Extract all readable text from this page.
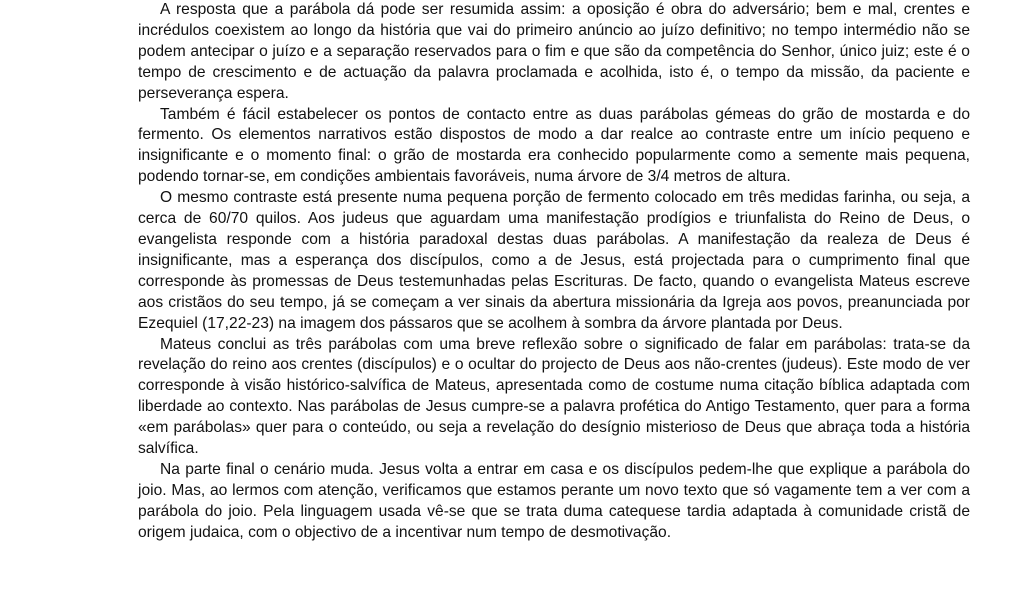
A resposta que a parábola dá pode ser resumida assim: a oposição é obra do adversário; bem e mal, crentes e incrédulos coexistem ao longo da história que vai do primeiro anúncio ao juízo definitivo; no tempo intermédio não se podem antecipar o juízo e a separação reservados para o fim e que são da competência do Senhor, único juiz; este é o tempo de crescimento e de actuação da palavra proclamada e acolhida, isto é, o tempo da missão, da paciente e perseverança espera.

Também é fácil estabelecer os pontos de contacto entre as duas parábolas gémeas do grão de mostarda e do fermento. Os elementos narrativos estão dispostos de modo a dar realce ao contraste entre um início pequeno e insignificante e o momento final: o grão de mostarda era conhecido popularmente como a semente mais pequena, podendo tornar-se, em condições ambientais favoráveis, numa árvore de 3/4 metros de altura.

O mesmo contraste está presente numa pequena porção de fermento colocado em três medidas farinha, ou seja, a cerca de 60/70 quilos. Aos judeus que aguardam uma manifestação prodígios e triunfalista do Reino de Deus, o evangelista responde com a história paradoxal destas duas parábolas. A manifestação da realeza de Deus é insignificante, mas a esperança dos discípulos, como a de Jesus, está projectada para o cumprimento final que corresponde às promessas de Deus testemunhadas pelas Escrituras. De facto, quando o evangelista Mateus escreve aos cristãos do seu tempo, já se começam a ver sinais da abertura missionária da Igreja aos povos, preanunciada por Ezequiel (17,22-23) na imagem dos pássaros que se acolhem à sombra da árvore plantada por Deus.

Mateus conclui as três parábolas com uma breve reflexão sobre o significado de falar em parábolas: trata-se da revelação do reino aos crentes (discípulos) e o ocultar do projecto de Deus aos não-crentes (judeus). Este modo de ver corresponde à visão histórico-salvífica de Mateus, apresentada como de costume numa citação bíblica adaptada com liberdade ao contexto. Nas parábolas de Jesus cumpre-se a palavra profética do Antigo Testamento, quer para a forma «em parábolas» quer para o conteúdo, ou seja a revelação do desígnio misterioso de Deus que abraça toda a história salvífica.

Na parte final o cenário muda. Jesus volta a entrar em casa e os discípulos pedem-lhe que explique a parábola do joio. Mas, ao lermos com atenção, verificamos que estamos perante um novo texto que só vagamente tem a ver com a parábola do joio. Pela linguagem usada vê-se que se trata duma catequese tardia adaptada à comunidade cristã de origem judaica, com o objectivo de a incentivar num tempo de desmotivação.
